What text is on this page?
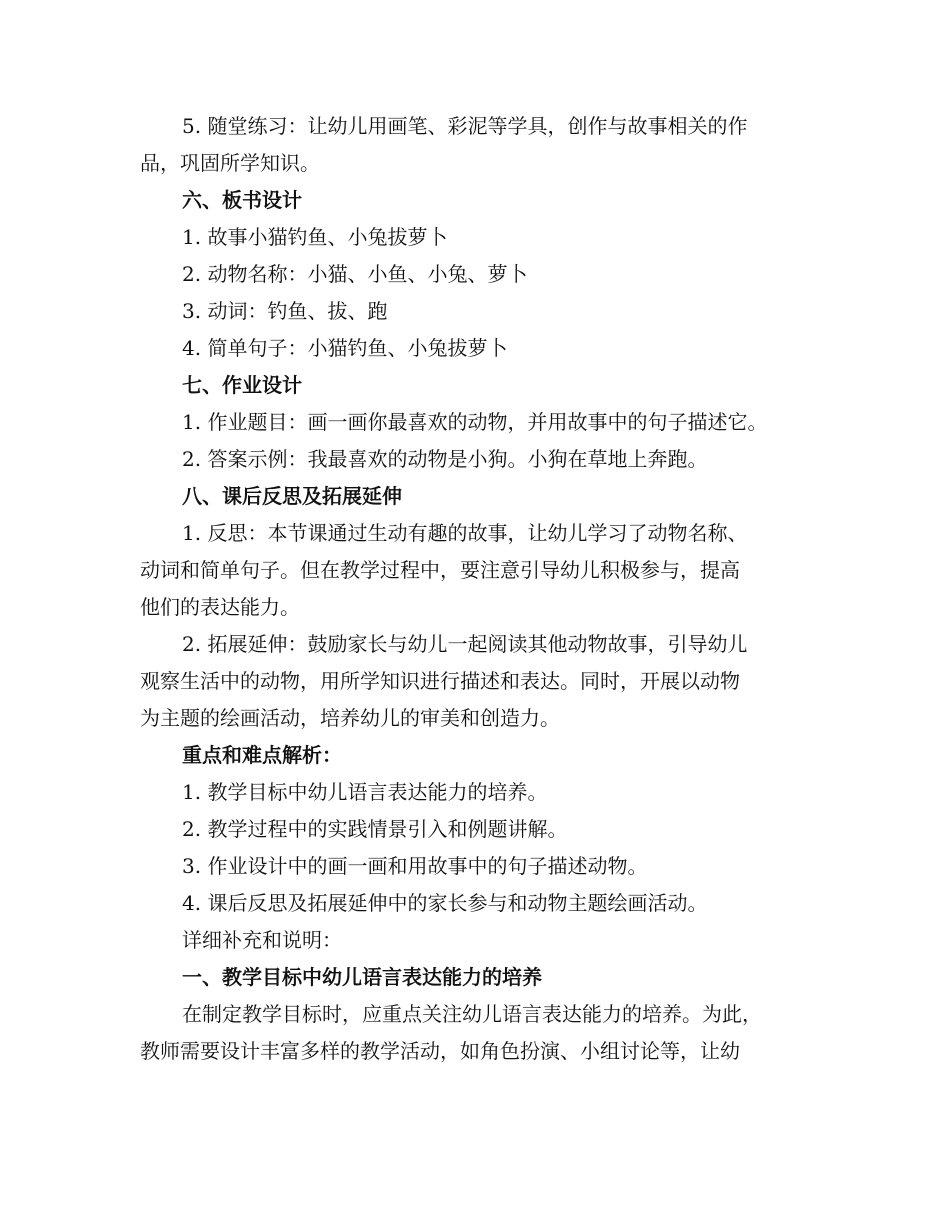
5. 随堂练习：让幼儿用画笔、彩泥等学具，创作与故事相关的作
品，巩固所学知识。
六、板书设计
1. 故事小猫钓鱼、小兔拔萝卜
2. 动物名称：小猫、小鱼、小兔、萝卜
3. 动词：钓鱼、拔、跑
4. 简单句子：小猫钓鱼、小兔拔萝卜
七、作业设计
1. 作业题目：画一画你最喜欢的动物，并用故事中的句子描述它。
2. 答案示例：我最喜欢的动物是小狗。小狗在草地上奔跑。
八、课后反思及拓展延伸
1. 反思：本节课通过生动有趣的故事，让幼儿学习了动物名称、
动词和简单句子。但在教学过程中，要注意引导幼儿积极参与，提高
他们的表达能力。
2. 拓展延伸：鼓励家长与幼儿一起阅读其他动物故事，引导幼儿
观察生活中的动物，用所学知识进行描述和表达。同时，开展以动物
为主题的绘画活动，培养幼儿的审美和创造力。
重点和难点解析：
1. 教学目标中幼儿语言表达能力的培养。
2. 教学过程中的实践情景引入和例题讲解。
3. 作业设计中的画一画和用故事中的句子描述动物。
4. 课后反思及拓展延伸中的家长参与和动物主题绘画活动。
详细补充和说明：
一、教学目标中幼儿语言表达能力的培养
在制定教学目标时，应重点关注幼儿语言表达能力的培养。为此，
教师需要设计丰富多样的教学活动，如角色扮演、小组讨论等，让幼
